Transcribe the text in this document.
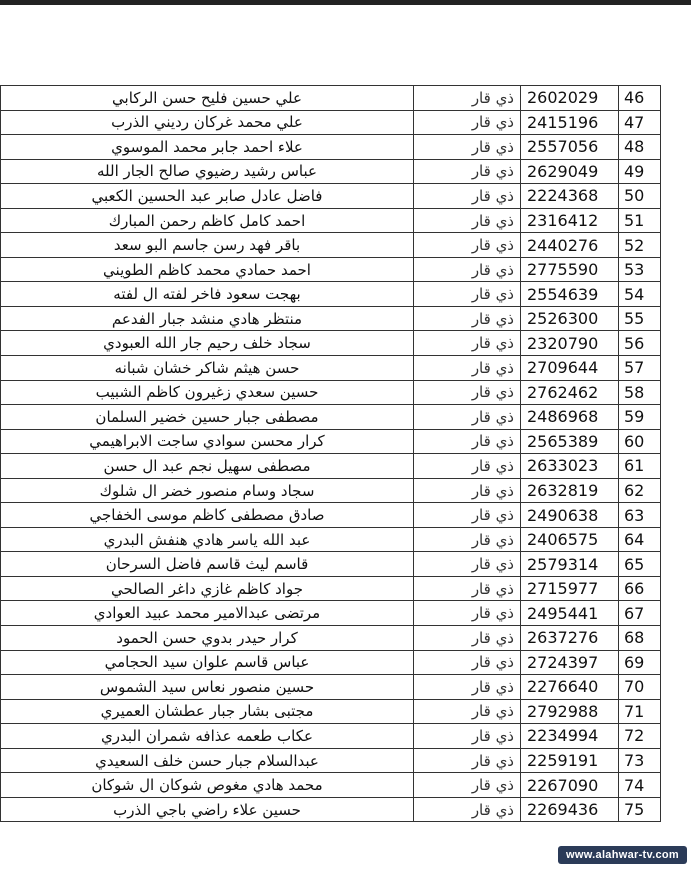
علي حسين فليح حسن الركابي	ذي قار	2602029	46
علي محمد غركان رديني الذرب	ذي قار	2415196	47
علاء احمد جابر محمد الموسوي	ذي قار	2557056	48
عباس رشيد رضيوي صالح الجار الله	ذي قار	2629049	49
فاضل عادل صابر عبد الحسين الكعبي	ذي قار	2224368	50
احمد كامل كاظم رحمن المبارك	ذي قار	2316412	51
باقر فهد رسن جاسم البو سعد	ذي قار	2440276	52
احمد حمادي محمد كاظم الطويني	ذي قار	2775590	53
بهجت سعود فاخر لفته ال لفته	ذي قار	2554639	54
منتظر هادي منشد جبار الفدعم	ذي قار	2526300	55
سجاد خلف رحيم جار الله العبودي	ذي قار	2320790	56
حسن هيثم شاكر خشان شبانه	ذي قار	2709644	57
حسين سعدي زغيرون كاظم الشبيب	ذي قار	2762462	58
مصطفى جبار حسين خضير السلمان	ذي قار	2486968	59
كرار محسن سوادي ساجت الابراهيمي	ذي قار	2565389	60
مصطفى سهيل نجم عبد ال حسن	ذي قار	2633023	61
سجاد وسام منصور خضر ال شلوك	ذي قار	2632819	62
صادق مصطفى كاظم موسى الخفاجي	ذي قار	2490638	63
عبد الله ياسر هادي هنفش البدري	ذي قار	2406575	64
قاسم ليث قاسم فاضل السرحان	ذي قار	2579314	65
جواد كاظم غازي داغر الصالحي	ذي قار	2715977	66
مرتضى عبدالامير محمد عبيد العوادي	ذي قار	2495441	67
كرار حيدر بدوي حسن الحمود	ذي قار	2637276	68
عباس قاسم علوان سيد الحجامي	ذي قار	2724397	69
حسين منصور نعاس سيد الشموس	ذي قار	2276640	70
مجتبى بشار جبار عطشان العميري	ذي قار	2792988	71
عكاب طعمه عذافه شمران البدري	ذي قار	2234994	72
عبدالسلام جبار حسن خلف السعيدي	ذي قار	2259191	73
محمد هادي مغوص شوكان ال شوكان	ذي قار	2267090	74
حسين علاء راضي باجي الذرب	ذي قار	2269436	75
www.alahwar-tv.com
